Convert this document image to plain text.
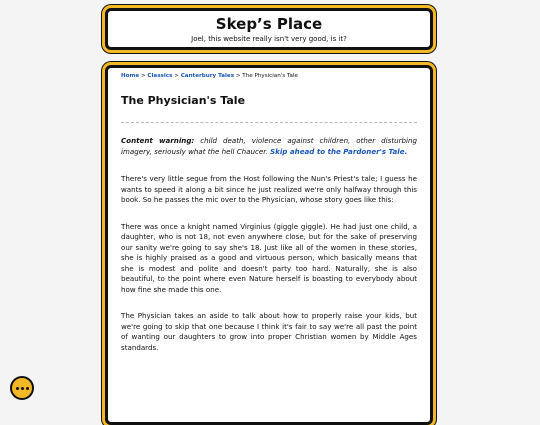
Skep’s Place
Joel, this website really isn't very good, is it?
Home > Classics > Canterbury Tales > The Physician's Tale
The Physician's Tale

Content warning: child death, violence against children, other disturbing imagery, seriously what the hell Chaucer. Skip ahead to the Pardoner's Tale.

There's very little segue from the Host following the Nun's Priest's tale; I guess he wants to speed it along a bit since he just realized we're only halfway through this book. So he passes the mic over to the Physician, whose story goes like this:

There was once a knight named Virginius (giggle giggle). He had just one child, a daughter, who is not 18, not even anywhere close, but for the sake of preserving our sanity we're going to say she's 18. Just like all of the women in these stories, she is highly praised as a good and virtuous person, which basically means that she is modest and polite and doesn't party too hard. Naturally, she is also beautiful, to the point where even Nature herself is boasting to everybody about how fine she made this one.

The Physician takes an aside to talk about how to properly raise your kids, but we're going to skip that one because I think it's fair to say we're all past the point of wanting our daughters to grow into proper Christian women by Middle Ages standards.
